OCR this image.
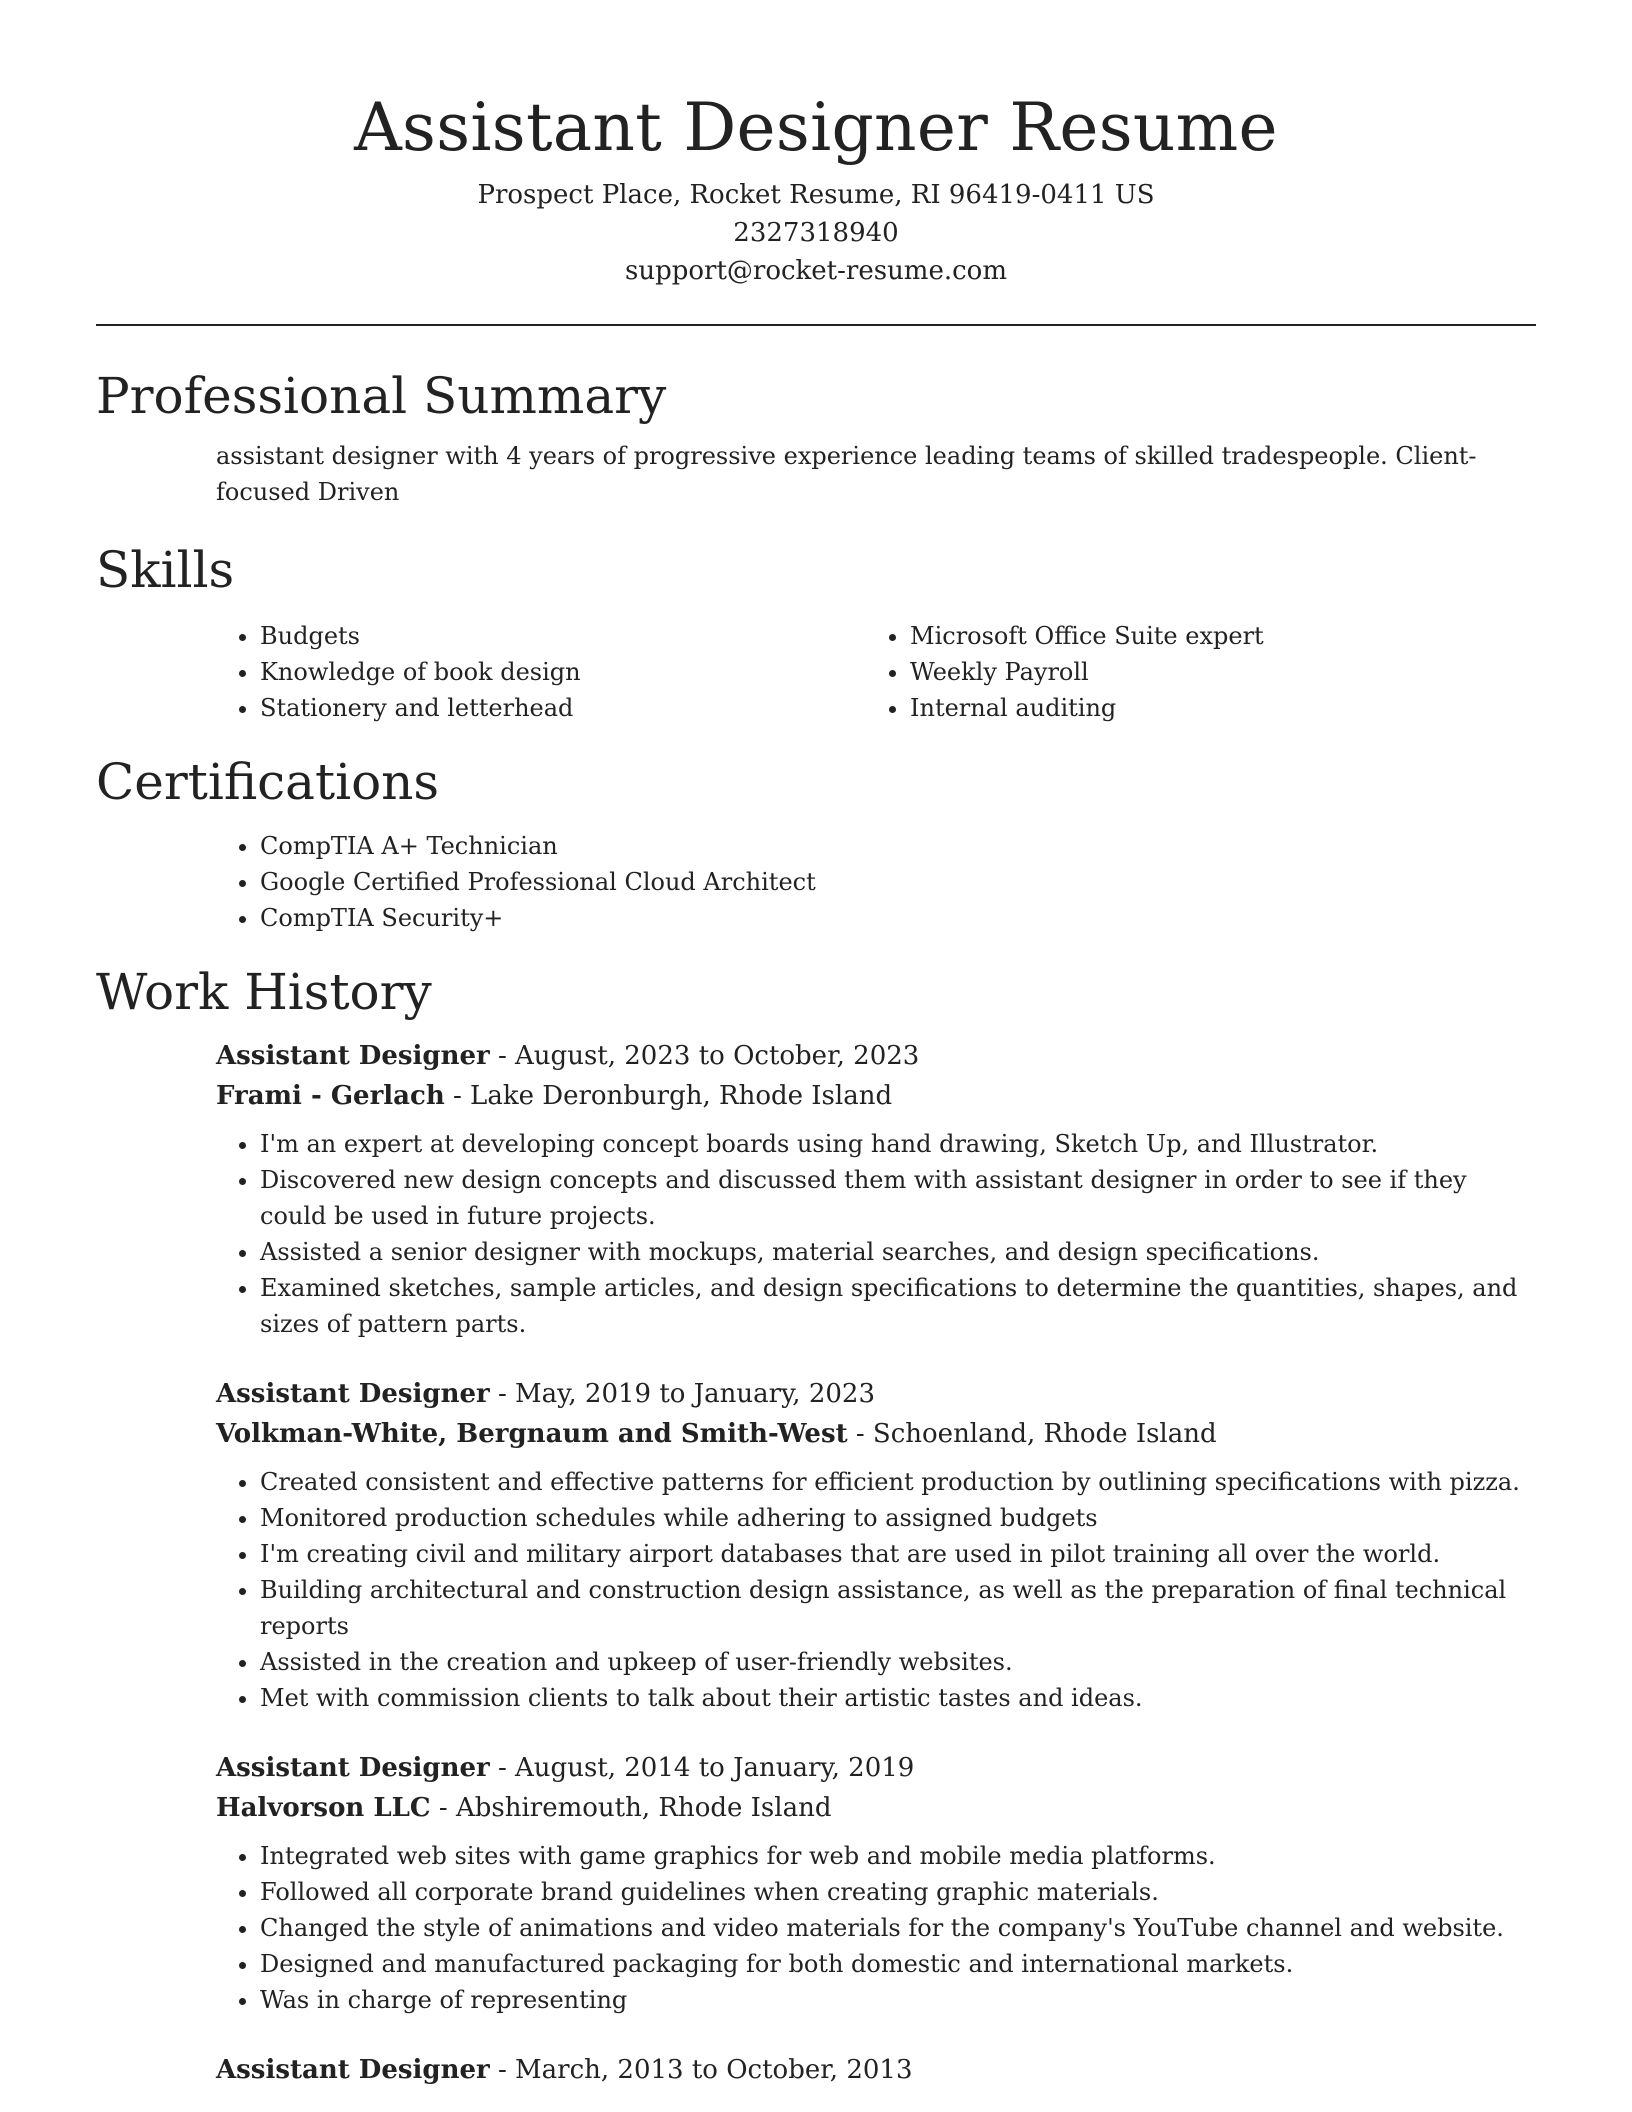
Assistant Designer Resume
Prospect Place, Rocket Resume, RI 96419-0411 US
2327318940
support@rocket-resume.com
Professional Summary
assistant designer with 4 years of progressive experience leading teams of skilled tradespeople. Client-focused Driven
Skills
• Budgets
• Knowledge of book design
• Stationery and letterhead
• Microsoft Office Suite expert
• Weekly Payroll
• Internal auditing
Certifications
• CompTIA A+ Technician
• Google Certified Professional Cloud Architect
• CompTIA Security+
Work History
Assistant Designer - August, 2023 to October, 2023
Frami - Gerlach - Lake Deronburgh, Rhode Island
• I'm an expert at developing concept boards using hand drawing, Sketch Up, and Illustrator.
• Discovered new design concepts and discussed them with assistant designer in order to see if they could be used in future projects.
• Assisted a senior designer with mockups, material searches, and design specifications.
• Examined sketches, sample articles, and design specifications to determine the quantities, shapes, and sizes of pattern parts.
Assistant Designer - May, 2019 to January, 2023
Volkman-White, Bergnaum and Smith-West - Schoenland, Rhode Island
• Created consistent and effective patterns for efficient production by outlining specifications with pizza.
• Monitored production schedules while adhering to assigned budgets
• I'm creating civil and military airport databases that are used in pilot training all over the world.
• Building architectural and construction design assistance, as well as the preparation of final technical reports
• Assisted in the creation and upkeep of user-friendly websites.
• Met with commission clients to talk about their artistic tastes and ideas.
Assistant Designer - August, 2014 to January, 2019
Halvorson LLC - Abshiremouth, Rhode Island
• Integrated web sites with game graphics for web and mobile media platforms.
• Followed all corporate brand guidelines when creating graphic materials.
• Changed the style of animations and video materials for the company's YouTube channel and website.
• Designed and manufactured packaging for both domestic and international markets.
• Was in charge of representing
Assistant Designer - March, 2013 to October, 2013
